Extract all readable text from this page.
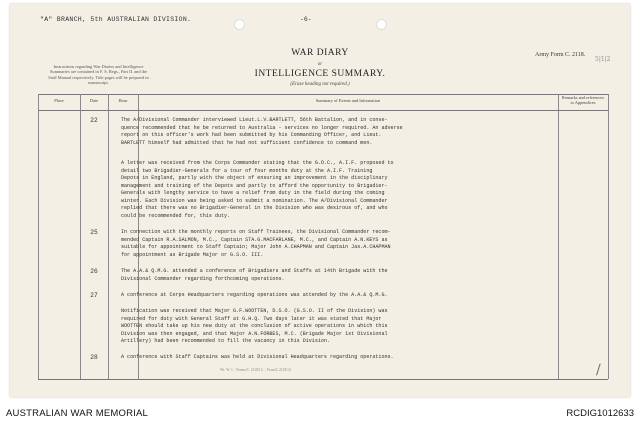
"A" BRANCH, 5th AUSTRALIAN DIVISION.	-6-
Instructions regarding War Diaries and Intelligence Summaries are contained in F. S. Regs., Part II. and the Staff Manual respectively. Title pages will be prepared in manuscript.
WAR DIARY
or
INTELLIGENCE SUMMARY.
(Erase heading not required.)
Army Form C. 2118.
5|1|2
Place	Date	Hour	Summary of Events and Information
Remarks and references to Appendices
22	The A/Divisional Commander interviewed Lieut.L.V.BARTLETT, 56th Battalion, and in conse-
quence recommended that he be returned to Australia - services no longer required. An adverse
report on this officer's work had been submitted by his Commanding Officer, and Lieut.
BARTLETT himself had admitted that he had not sufficient confidence to command men.
A letter was received from the Corps Commander stating that the G.O.C., A.I.F. proposed to
detail two Brigadier-Generals for a tour of four months duty at the A.I.F. Training
Depots in England, partly with the object of ensuring an improvement in the disciplinary
management and training of the Depots and partly to afford the opportunity to Brigadier-
Generals with lengthy service to have a relief from duty in the field during the coming
winter. Each Division was being asked to submit a nomination. The A/Divisional Commander
replied that there was no Brigadier-General in the Division who was desirous of, and who
could be recommended for, this duty.
25	In connection with the monthly reports on Staff Trainees, the Divisional Commander recom-
mended Captain R.A.SALMON, M.C., Captain STA.G.MACFARLANE, M.C., and Captain A.N.KEYS as
suitable for appointment to Staff Captain; Major John A.CHAPMAN and Captain Jas.A.CHAPMAN
for appointment as Brigade Major or G.S.O. III.
26	The A.A.& Q.M.G. attended a conference of Brigadiers and Staffs at 14th Brigade with the
Divisional Commander regarding forthcoming operations.
27	A conference at Corps Headquarters regarding operations was attended by the A.A.& Q.M.G.
Notification was received that Major G.F.WOOTTEN, D.S.O. (G.S.O. II of the Division) was
required for duty with General Staff at G.H.Q. Two days later it was stated that Major
WOOTTEN should take up his new duty at the conclusion of active operations in which this
Division was then engaged, and that Major A.N.FORBES, M.C. (Brigade Major 1st Divisional
Artillery) had been recommended to fill the vacancy in this Division.
28	A conference with Staff Captains was held at Divisional Headquarters regarding operations.
Wt. W. 1. / Forms/C. 2118/13 ... Form/C.2118/14	∕
AUSTRALIAN WAR MEMORIAL	RCDIG1012633
